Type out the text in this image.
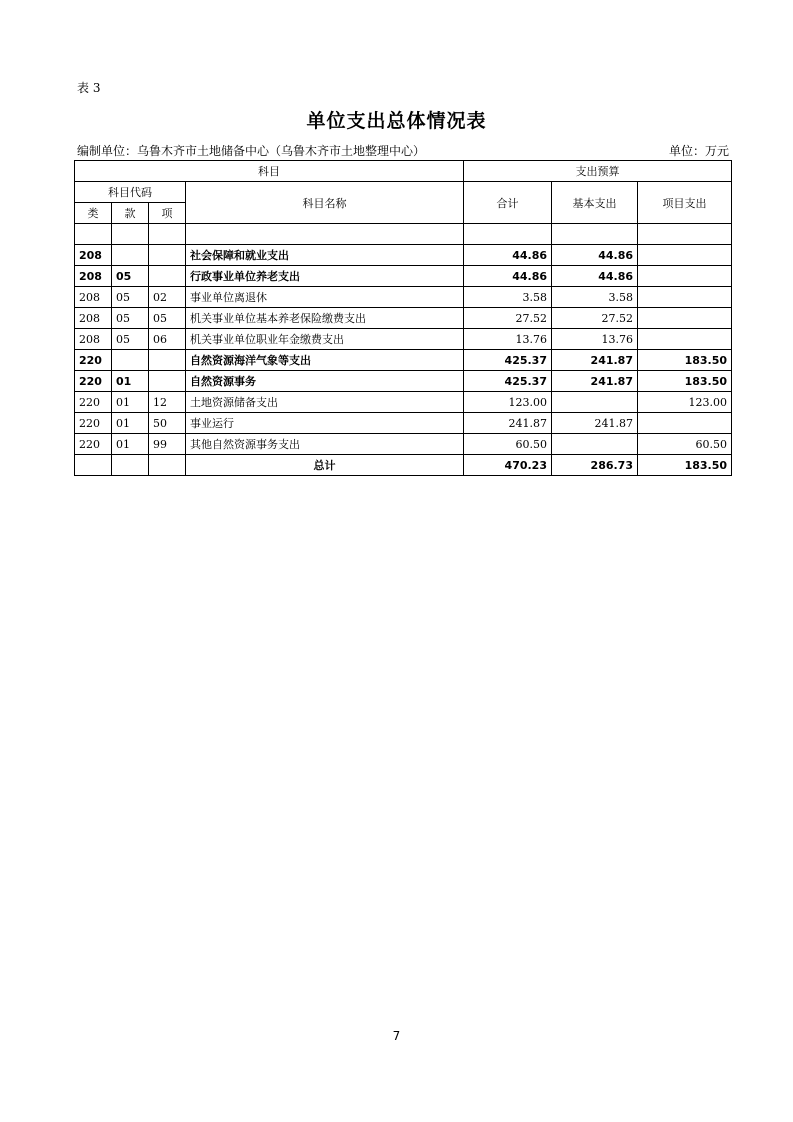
表 3
单位支出总体情况表
编制单位：乌鲁木齐市土地储备中心（乌鲁木齐市土地整理中心）	单位：万元
科目				支出预算		
科目代码			科目名称	合计	基本支出	项目支出
类	款	项				

208			社会保障和就业支出	44.86	44.86	
208	05		行政事业单位养老支出	44.86	44.86	
208	05	02	事业单位离退休	3.58	3.58	
208	05	05	机关事业单位基本养老保险缴费支出	27.52	27.52	
208	05	06	机关事业单位职业年金缴费支出	13.76	13.76	
220			自然资源海洋气象等支出	425.37	241.87	183.50
220	01		自然资源事务	425.37	241.87	183.50
220	01	12	土地资源储备支出	123.00		123.00
220	01	50	事业运行	241.87	241.87	
220	01	99	其他自然资源事务支出	60.50		60.50
			总计	470.23	286.73	183.50
7
